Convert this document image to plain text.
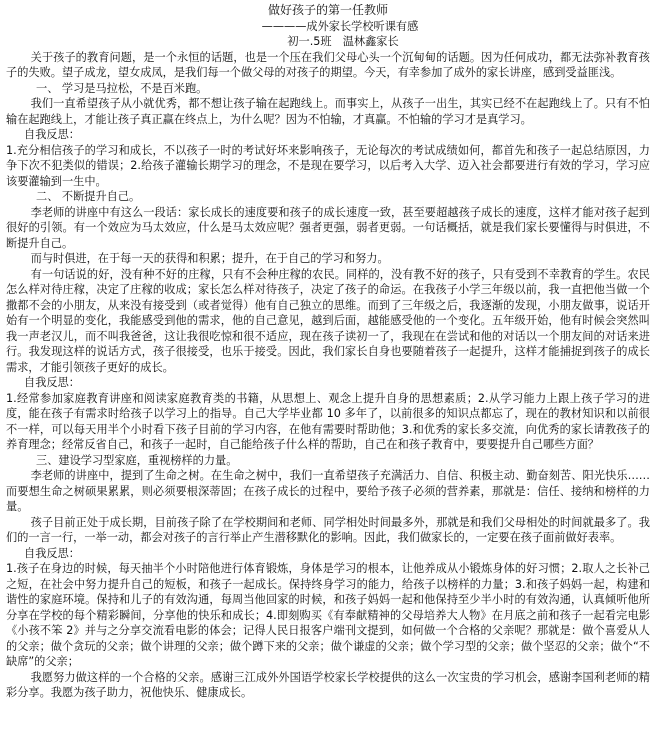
做好孩子的第一任教师
————成外家长学校听课有感
初一.5班　温林鑫家长

关于孩子的教育问题，是一个永恒的话题，也是一个压在我们父母心头一个沉甸甸的话题。因为任何成功，都无法弥补教育孩子的失败。望子成龙，望女成凤，是我们每一个做父母的对孩子的期望。今天，有幸参加了成外的家长讲座，感到受益匪浅。

一、 学习是马拉松，不是百米跑。

我们一直希望孩子从小就优秀，都不想让孩子输在起跑线上。而事实上，从孩子一出生，其实已经不在起跑线上了。只有不怕输在起跑线上，才能让孩子真正赢在终点上，为什么呢？因为不怕输，才真赢。不怕输的学习才是真学习。

自我反思：

1.充分相信孩子的学习和成长，不以孩子一时的考试好坏来影响孩子，无论每次的考试成绩如何，都首先和孩子一起总结原因，力争下次不犯类似的错误；2.给孩子灌输长期学习的理念，不是现在要学习，以后考入大学、迈入社会都要进行有效的学习，学习应该要灌输到一生中。

二、 不断提升自己。

李老师的讲座中有这么一段话：家长成长的速度要和孩子的成长速度一致，甚至要超越孩子成长的速度，这样才能对孩子起到很好的引领。有一个效应为马太效应，什么是马太效应呢？强者更强，弱者更弱。一句话概括，就是我们家长要懂得与时俱进，不断提升自己。

而与时俱进，在于每一天的获得和积累；提升，在于自己的学习和努力。

有一句话说的好，没有种不好的庄稼，只有不会种庄稼的农民。同样的，没有教不好的孩子，只有受到不幸教育的学生。农民怎么样对待庄稼，决定了庄稼的收成；家长怎么样对待孩子，决定了孩子的命运。在我孩子小学三年级以前，我一直把他当做一个撒都不会的小朋友，从来没有接受到（或者觉得）他有自己独立的思维。而到了三年级之后，我逐渐的发现，小朋友做事，说话开始有一个明显的变化，我能感受到他的需求，他的自己意见，越到后面，越能感受他的一个变化。五年级开始，他有时候会突然叫我一声老汉儿，而不叫我爸爸，这让我很吃惊和很不适应，现在孩子读初一了，我现在在尝试和他的对话以一个朋友间的对话来进行。我发现这样的说话方式，孩子很接受，也乐于接受。因此，我们家长自身也要随着孩子一起提升，这样才能捕捉到孩子的成长需求，才能引领孩子更好的成长。

自我反思：

1.经常参加家庭教育讲座和阅读家庭教育类的书籍，从思想上、观念上提升自身的思想素质；2.从学习能力上跟上孩子学习的进度，能在孩子有需求时给孩子以学习上的指导。自己大学毕业都 10 多年了，以前很多的知识点都忘了，现在的教材知识和以前很不一样，可以每天用半个小时看下孩子目前的学习内容，在他有需要时帮助他；3.和优秀的家长多交流，向优秀的家长请教孩子的养育理念；经常反省自己，和孩子一起时，自己能给孩子什么样的帮助，自己在和孩子教育中，要要提升自己哪些方面？

三、建设学习型家庭，重视榜样的力量。

李老师的讲座中，提到了生命之树。在生命之树中，我们一直希望孩子充满活力、自信、积极主动、勤奋刻苦、阳光快乐……而要想生命之树硕果累累，则必须要根深蒂固；在孩子成长的过程中，要给予孩子必须的营养素，那就是：信任、接纳和榜样的力量。

孩子目前正处于成长期，目前孩子除了在学校期间和老师、同学相处时间最多外，那就是和我们父母相处的时间就最多了。我们的一言一行，一举一动，都会对孩子的言行举止产生潜移默化的影响。因此，我们做家长的，一定要在孩子面前做好表率。

自我反思：

1.孩子在身边的时候，每天抽半个小时陪他进行体育锻炼，身体是学习的根本，让他养成从小锻炼身体的好习惯；2.取人之长补己之短，在社会中努力提升自己的短板，和孩子一起成长。保持终身学习的能力，给孩子以榜样的力量；3.和孩子妈妈一起，构建和谐性的家庭环境。保持和儿子的有效沟通，每周当他回家的时候，和孩子妈妈一起和他保持至少半小时的有效沟通，认真倾听他所分享在学校的每个精彩瞬间，分享他的快乐和成长；4.即刻购买《有奉献精神的父母培养大人物》在月底之前和孩子一起看完电影《小孩不笨 2》并与之分享交流看电影的体会；记得人民日报客户端刊文提到，如何做一个合格的父亲呢？那就是：做个喜爱从人的父亲；做个贪玩的父亲；做个讲理的父亲；做个蹲下来的父亲；做个谦虚的父亲；做个学习型的父亲；做个坚忍的父亲；做个“不缺席”的父亲；

我愿努力做这样的一个合格的父亲。感谢三江成外外国语学校家长学校提供的这么一次宝贵的学习机会，感谢李国利老师的精彩分享。我愿为孩子助力，祝他快乐、健康成长。
